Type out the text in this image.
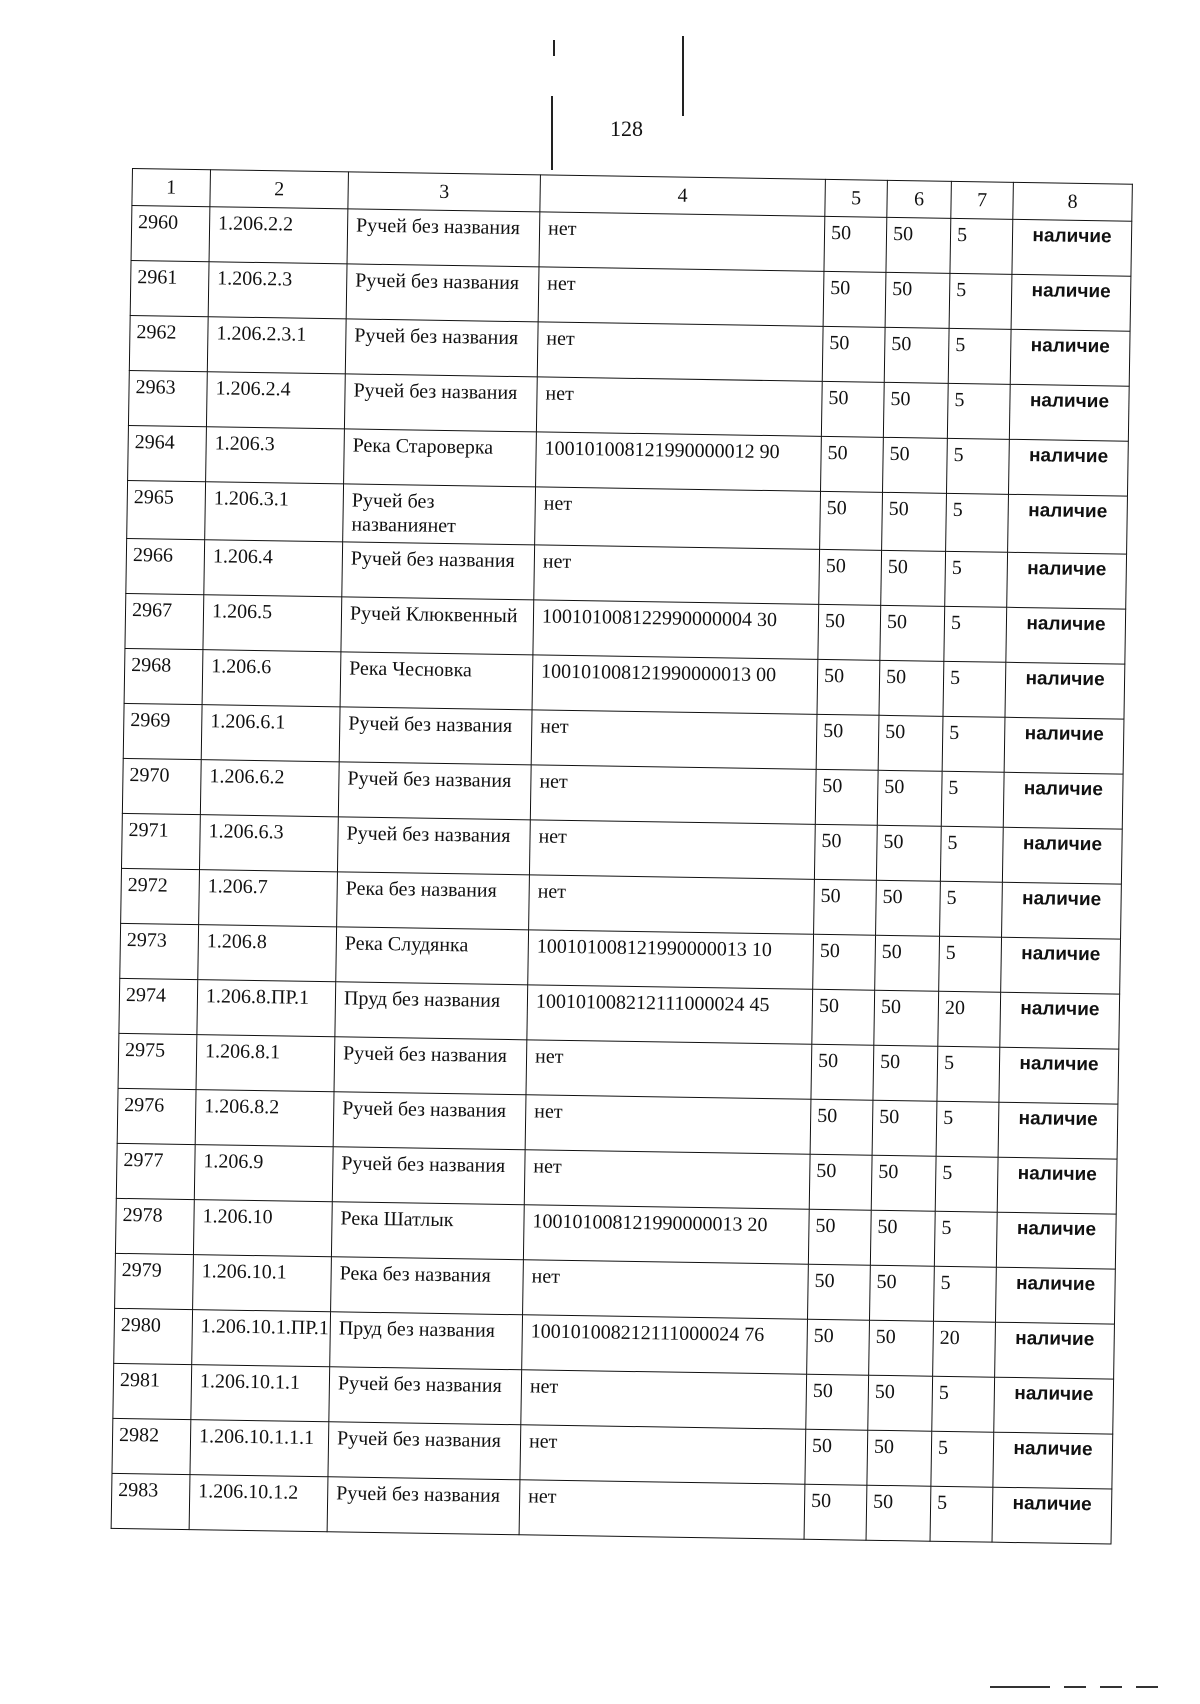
128
1	2	3	4	5	6	7	8
2960	1.206.2.2	Ручей без названия	нет	50	50	5	наличие
2961	1.206.2.3	Ручей без названия	нет	50	50	5	наличие
2962	1.206.2.3.1	Ручей без названия	нет	50	50	5	наличие
2963	1.206.2.4	Ручей без названия	нет	50	50	5	наличие
2964	1.206.3	Река Староверка	100101008121990000012 90	50	50	5	наличие
2965	1.206.3.1	Ручей без названиянет	нет	50	50	5	наличие
2966	1.206.4	Ручей без названия	нет	50	50	5	наличие
2967	1.206.5	Ручей Клюквенный	100101008122990000004 30	50	50	5	наличие
2968	1.206.6	Река Чесновка	100101008121990000013 00	50	50	5	наличие
2969	1.206.6.1	Ручей без названия	нет	50	50	5	наличие
2970	1.206.6.2	Ручей без названия	нет	50	50	5	наличие
2971	1.206.6.3	Ручей без названия	нет	50	50	5	наличие
2972	1.206.7	Река без названия	нет	50	50	5	наличие
2973	1.206.8	Река Слудянка	100101008121990000013 10	50	50	5	наличие
2974	1.206.8.ПР.1	Пруд без названия	100101008212111000024 45	50	50	20	наличие
2975	1.206.8.1	Ручей без названия	нет	50	50	5	наличие
2976	1.206.8.2	Ручей без названия	нет	50	50	5	наличие
2977	1.206.9	Ручей без названия	нет	50	50	5	наличие
2978	1.206.10	Река Шатлык	100101008121990000013 20	50	50	5	наличие
2979	1.206.10.1	Река без названия	нет	50	50	5	наличие
2980	1.206.10.1.ПР.1	Пруд без названия	100101008212111000024 76	50	50	20	наличие
2981	1.206.10.1.1	Ручей без названия	нет	50	50	5	наличие
2982	1.206.10.1.1.1	Ручей без названия	нет	50	50	5	наличие
2983	1.206.10.1.2	Ручей без названия	нет	50	50	5	наличие
